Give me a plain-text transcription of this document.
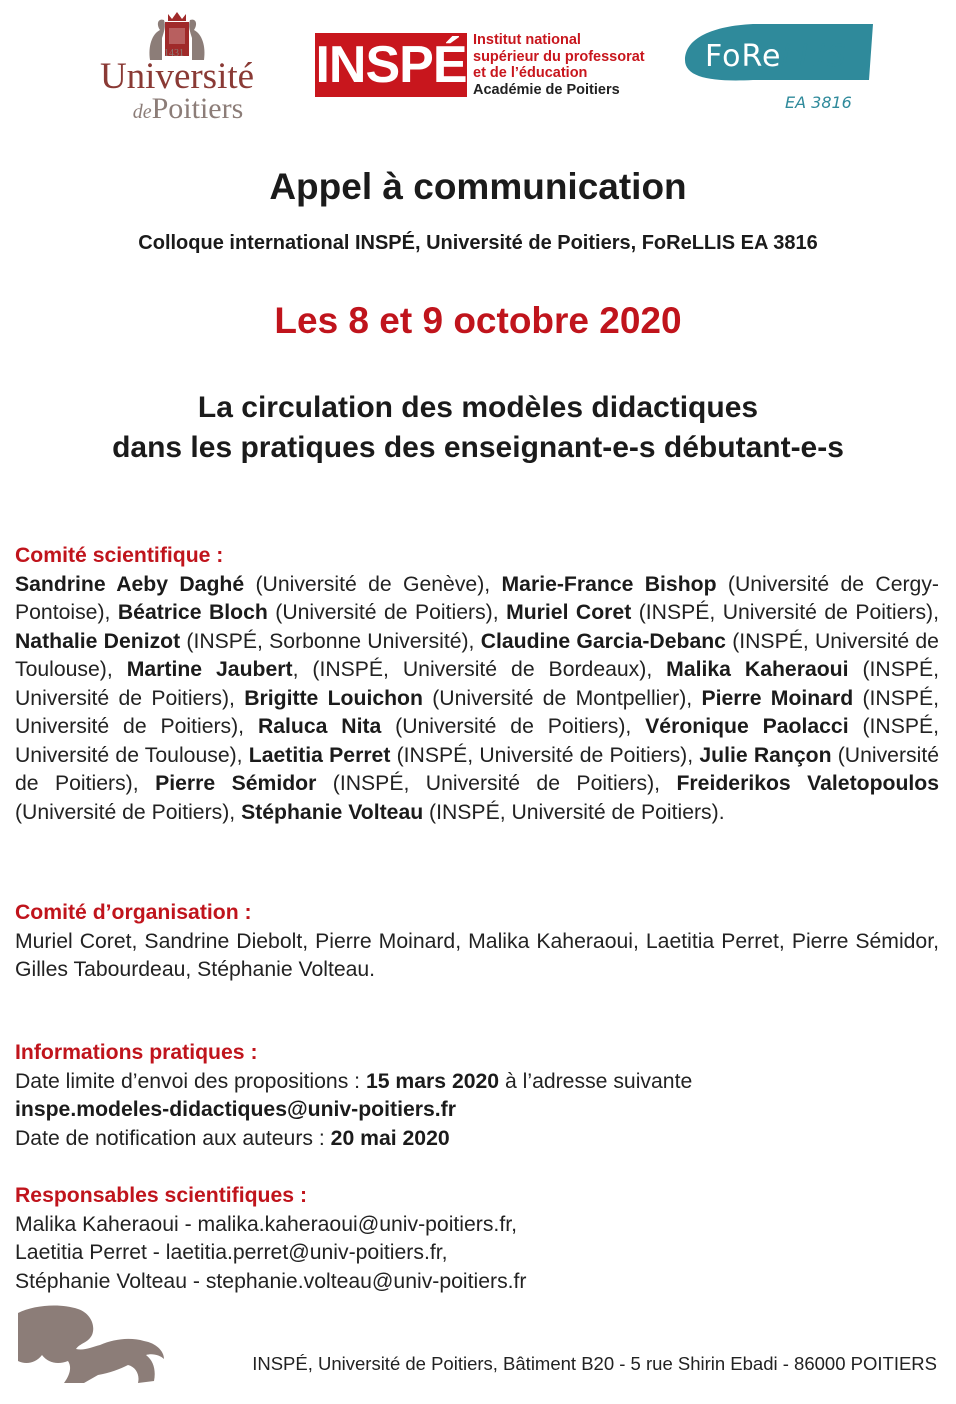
1431
Université
dePoitiers
INSPÉ Institut national
supérieur du professorat
et de l’éducation
Académie de Poitiers
FoReLLIS
EA 3816
Appel à communication
Colloque international INSPÉ, Université de Poitiers, FoReLLIS EA 3816
Les 8 et 9 octobre 2020
La circulation des modèles didactiques
dans les pratiques des enseignant-e-s débutant-e-s
Comité scientifique :
Sandrine Aeby Daghé (Université de Genève), Marie-France Bishop (Université de Cergy-Pontoise), Béatrice Bloch (Université de Poitiers), Muriel Coret (INSPÉ, Université de Poitiers), Nathalie Denizot (INSPÉ, Sorbonne Université), Claudine Garcia-Debanc (INSPÉ, Université de Toulouse), Martine Jaubert, (INSPÉ, Université de Bordeaux), Malika Kaheraoui (INSPÉ, Université de Poitiers), Brigitte Louichon (Université de Montpellier), Pierre Moinard (INSPÉ, Université de Poitiers), Raluca Nita (Université de Poitiers), Véronique Paolacci (INSPÉ, Université de Toulouse), Laetitia Perret (INSPÉ, Université de Poitiers), Julie Rançon (Université de Poitiers), Pierre Sémidor (INSPÉ, Université de Poitiers), Freiderikos Valetopoulos (Université de Poitiers), Stéphanie Volteau (INSPÉ, Université de Poitiers).
Comité d’organisation :
Muriel Coret, Sandrine Diebolt, Pierre Moinard, Malika Kaheraoui, Laetitia Perret, Pierre Sémidor, Gilles Tabourdeau, Stéphanie Volteau.
Informations pratiques :
Date limite d’envoi des propositions : 15 mars 2020 à l’adresse suivante
inspe.modeles-didactiques@univ-poitiers.fr
Date de notification aux auteurs : 20 mai 2020
Responsables scientifiques :
Malika Kaheraoui - malika.kaheraoui@univ-poitiers.fr,
Laetitia Perret - laetitia.perret@univ-poitiers.fr,
Stéphanie Volteau - stephanie.volteau@univ-poitiers.fr
INSPÉ, Université de Poitiers, Bâtiment B20 - 5 rue Shirin Ebadi - 86000 POITIERS
